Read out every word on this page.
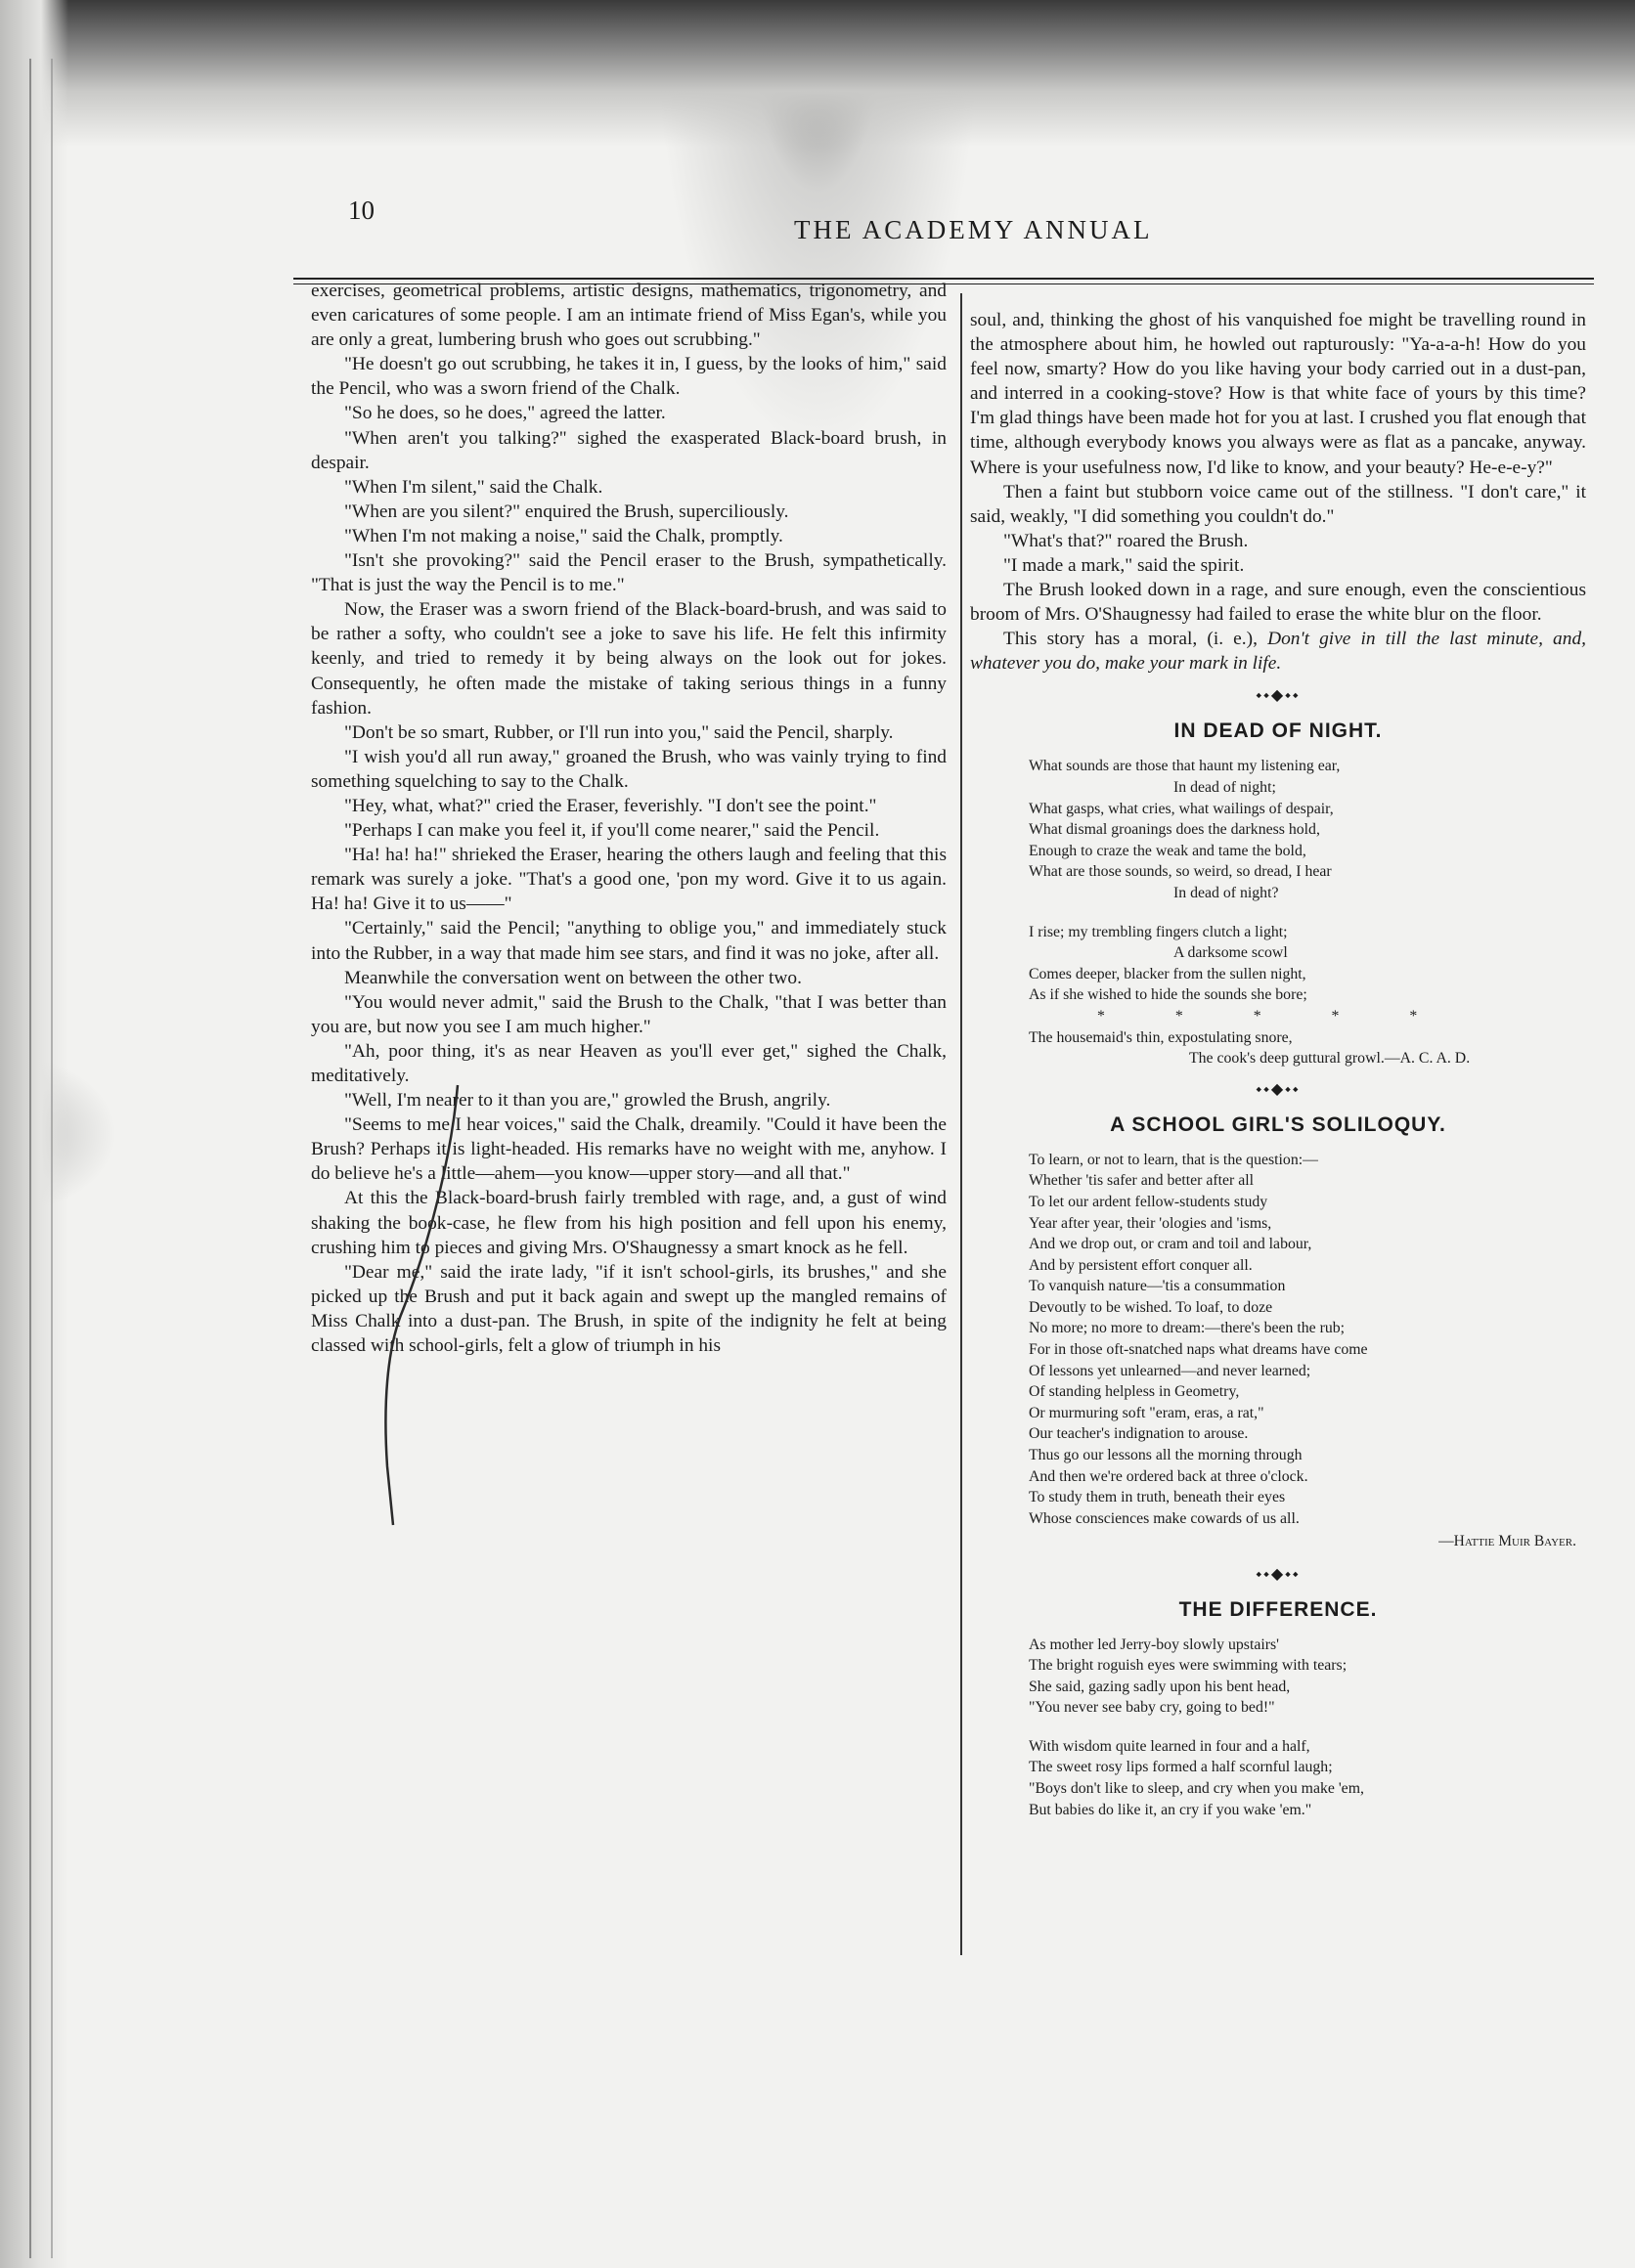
10
THE ACADEMY ANNUAL

exercises, geometrical problems, artistic designs, mathematics, trigonometry, and even caricatures of some people. I am an intimate friend of Miss Egan's, while you are only a great, lumbering brush who goes out scrubbing."

"He doesn't go out scrubbing, he takes it in, I guess, by the looks of him," said the Pencil, who was a sworn friend of the Chalk.

"So he does, so he does," agreed the latter.

"When aren't you talking?" sighed the exasperated Black-board brush, in despair.

"When I'm silent," said the Chalk.

"When are you silent?" enquired the Brush, superciliously.

"When I'm not making a noise," said the Chalk, promptly.

"Isn't she provoking?" said the Pencil eraser to the Brush, sympathetically. "That is just the way the Pencil is to me."

Now, the Eraser was a sworn friend of the Black-board-brush, and was said to be rather a softy, who couldn't see a joke to save his life. He felt this infirmity keenly, and tried to remedy it by being always on the look out for jokes. Consequently, he often made the mistake of taking serious things in a funny fashion.

"Don't be so smart, Rubber, or I'll run into you," said the Pencil, sharply.

"I wish you'd all run away," groaned the Brush, who was vainly trying to find something squelching to say to the Chalk.

"Hey, what, what?" cried the Eraser, feverishly. "I don't see the point."

"Perhaps I can make you feel it, if you'll come nearer," said the Pencil.

"Ha! ha! ha!" shrieked the Eraser, hearing the others laugh and feeling that this remark was surely a joke. "That's a good one, 'pon my word. Give it to us again. Ha! ha! Give it to us——"

"Certainly," said the Pencil; "anything to oblige you," and immediately stuck into the Rubber, in a way that made him see stars, and find it was no joke, after all.

Meanwhile the conversation went on between the other two.

"You would never admit," said the Brush to the Chalk, "that I was better than you are, but now you see I am much higher."

"Ah, poor thing, it's as near Heaven as you'll ever get," sighed the Chalk, meditatively.

"Well, I'm nearer to it than you are," growled the Brush, angrily.

"Seems to me I hear voices," said the Chalk, dreamily. "Could it have been the Brush? Perhaps it is light-headed. His remarks have no weight with me, anyhow. I do believe he's a little—ahem—you know—upper story—and all that."

At this the Black-board-brush fairly trembled with rage, and, a gust of wind shaking the book-case, he flew from his high position and fell upon his enemy, crushing him to pieces and giving Mrs. O'Shaugnessy a smart knock as he fell.

"Dear me," said the irate lady, "if it isn't school-girls, its brushes," and she picked up the Brush and put it back again and swept up the mangled remains of Miss Chalk into a dust-pan. The Brush, in spite of the indignity he felt at being classed with school-girls, felt a glow of triumph in his

soul, and, thinking the ghost of his vanquished foe might be travelling round in the atmosphere about him, he howled out rapturously: "Ya-a-a-h! How do you feel now, smarty? How do you like having your body carried out in a dust-pan, and interred in a cooking-stove? How is that white face of yours by this time? I'm glad things have been made hot for you at last. I crushed you flat enough that time, although everybody knows you always were as flat as a pancake, anyway. Where is your usefulness now, I'd like to know, and your beauty? He-e-e-y?"

Then a faint but stubborn voice came out of the stillness. "I don't care," it said, weakly, "I did something you couldn't do."

"What's that?" roared the Brush.

"I made a mark," said the spirit.

The Brush looked down in a rage, and sure enough, even the conscientious broom of Mrs. O'Shaugnessy had failed to erase the white blur on the floor.

This story has a moral, (i. e.), Don't give in till the last minute, and, whatever you do, make your mark in life.

⬩⬩◆⬩⬩
IN DEAD OF NIGHT.
What sounds are those that haunt my listening ear,
In dead of night;
What gasps, what cries, what wailings of despair,
What dismal groanings does the darkness hold,
Enough to craze the weak and tame the bold,
What are those sounds, so weird, so dread, I hear
In dead of night?
I rise; my trembling fingers clutch a light;
A darksome scowl
Comes deeper, blacker from the sullen night,
As if she wished to hide the sounds she bore;
* * * * *
The housemaid's thin, expostulating snore,
The cook's deep guttural growl.—A. C. A. D.
⬩⬩◆⬩⬩
A SCHOOL GIRL'S SOLILOQUY.
To learn, or not to learn, that is the question:—
Whether 'tis safer and better after all
To let our ardent fellow-students study
Year after year, their 'ologies and 'isms,
And we drop out, or cram and toil and labour,
And by persistent effort conquer all.
To vanquish nature—'tis a consummation
Devoutly to be wished. To loaf, to doze
No more; no more to dream:—there's been the rub;
For in those oft-snatched naps what dreams have come
Of lessons yet unlearned—and never learned;
Of standing helpless in Geometry,
Or murmuring soft "eram, eras, a rat,"
Our teacher's indignation to arouse.
Thus go our lessons all the morning through
And then we're ordered back at three o'clock.
To study them in truth, beneath their eyes
Whose consciences make cowards of us all.
—Hattie Muir Bayer.
⬩⬩◆⬩⬩
THE DIFFERENCE.
As mother led Jerry-boy slowly upstairs'
The bright roguish eyes were swimming with tears;
She said, gazing sadly upon his bent head,
"You never see baby cry, going to bed!"
With wisdom quite learned in four and a half,
The sweet rosy lips formed a half scornful laugh;
"Boys don't like to sleep, and cry when you make 'em,
But babies do like it, an cry if you wake 'em."
